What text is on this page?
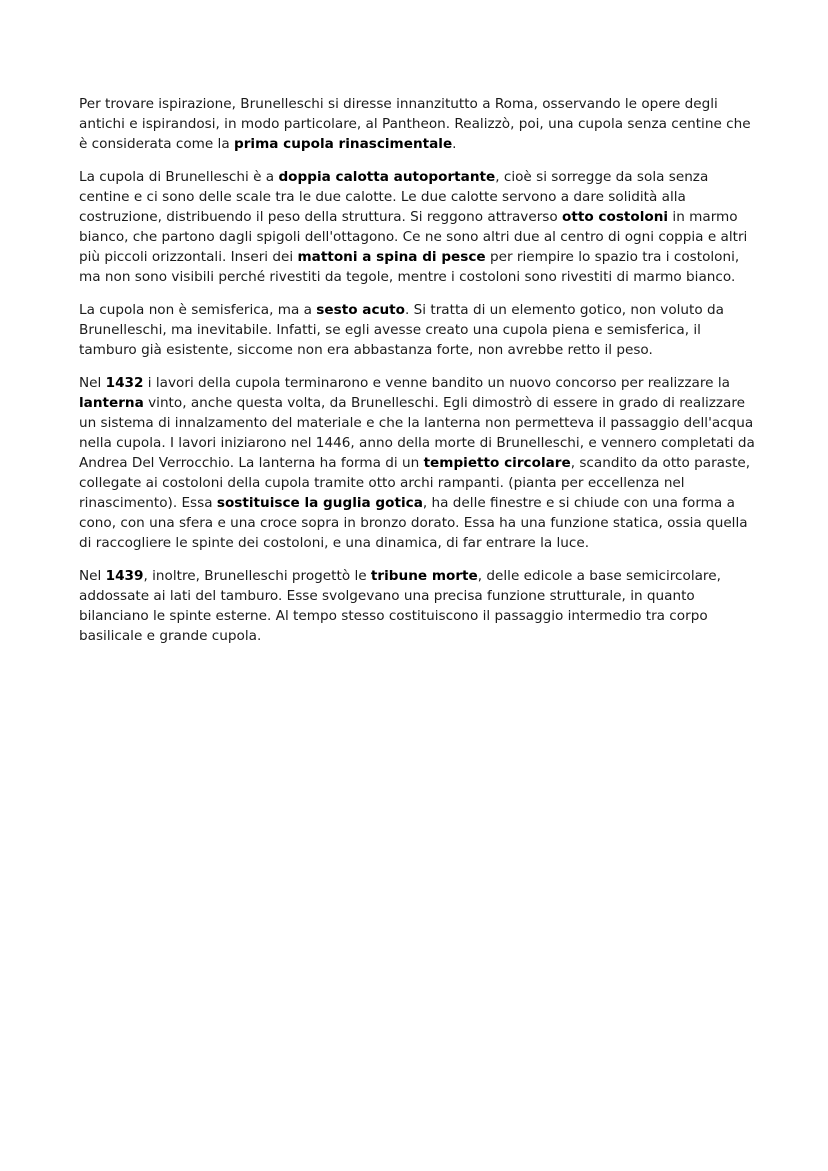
Per trovare ispirazione, Brunelleschi si diresse innanzitutto a Roma, osservando le opere degli antichi e ispirandosi, in modo particolare, al Pantheon. Realizzò, poi, una cupola senza centine che è considerata come la prima cupola rinascimentale.

La cupola di Brunelleschi è a doppia calotta autoportante, cioè si sorregge da sola senza centine e ci sono delle scale tra le due calotte. Le due calotte servono a dare solidità alla costruzione, distribuendo il peso della struttura. Si reggono attraverso otto costoloni in marmo bianco, che partono dagli spigoli dell'ottagono. Ce ne sono altri due al centro di ogni coppia e altri più piccoli orizzontali. Inseri dei mattoni a spina di pesce per riempire lo spazio tra i costoloni, ma non sono visibili perché rivestiti da tegole, mentre i costoloni sono rivestiti di marmo bianco.

La cupola non è semisferica, ma a sesto acuto. Si tratta di un elemento gotico, non voluto da Brunelleschi, ma inevitabile. Infatti, se egli avesse creato una cupola piena e semisferica, il tamburo già esistente, siccome non era abbastanza forte, non avrebbe retto il peso.

Nel 1432 i lavori della cupola terminarono e venne bandito un nuovo concorso per realizzare la lanterna vinto, anche questa volta, da Brunelleschi. Egli dimostrò di essere in grado di realizzare un sistema di innalzamento del materiale e che la lanterna non permetteva il passaggio dell'acqua nella cupola. I lavori iniziarono nel 1446, anno della morte di Brunelleschi, e vennero completati da Andrea Del Verrocchio. La lanterna ha forma di un tempietto circolare, scandito da otto paraste, collegate ai costoloni della cupola tramite otto archi rampanti. (pianta per eccellenza nel rinascimento). Essa sostituisce la guglia gotica, ha delle finestre e si chiude con una forma a cono, con una sfera e una croce sopra in bronzo dorato. Essa ha una funzione statica, ossia quella di raccogliere le spinte dei costoloni, e una dinamica, di far entrare la luce.

Nel 1439, inoltre, Brunelleschi progettò le tribune morte, delle edicole a base semicircolare, addossate ai lati del tamburo. Esse svolgevano una precisa funzione strutturale, in quanto bilanciano le spinte esterne. Al tempo stesso costituiscono il passaggio intermedio tra corpo basilicale e grande cupola.
